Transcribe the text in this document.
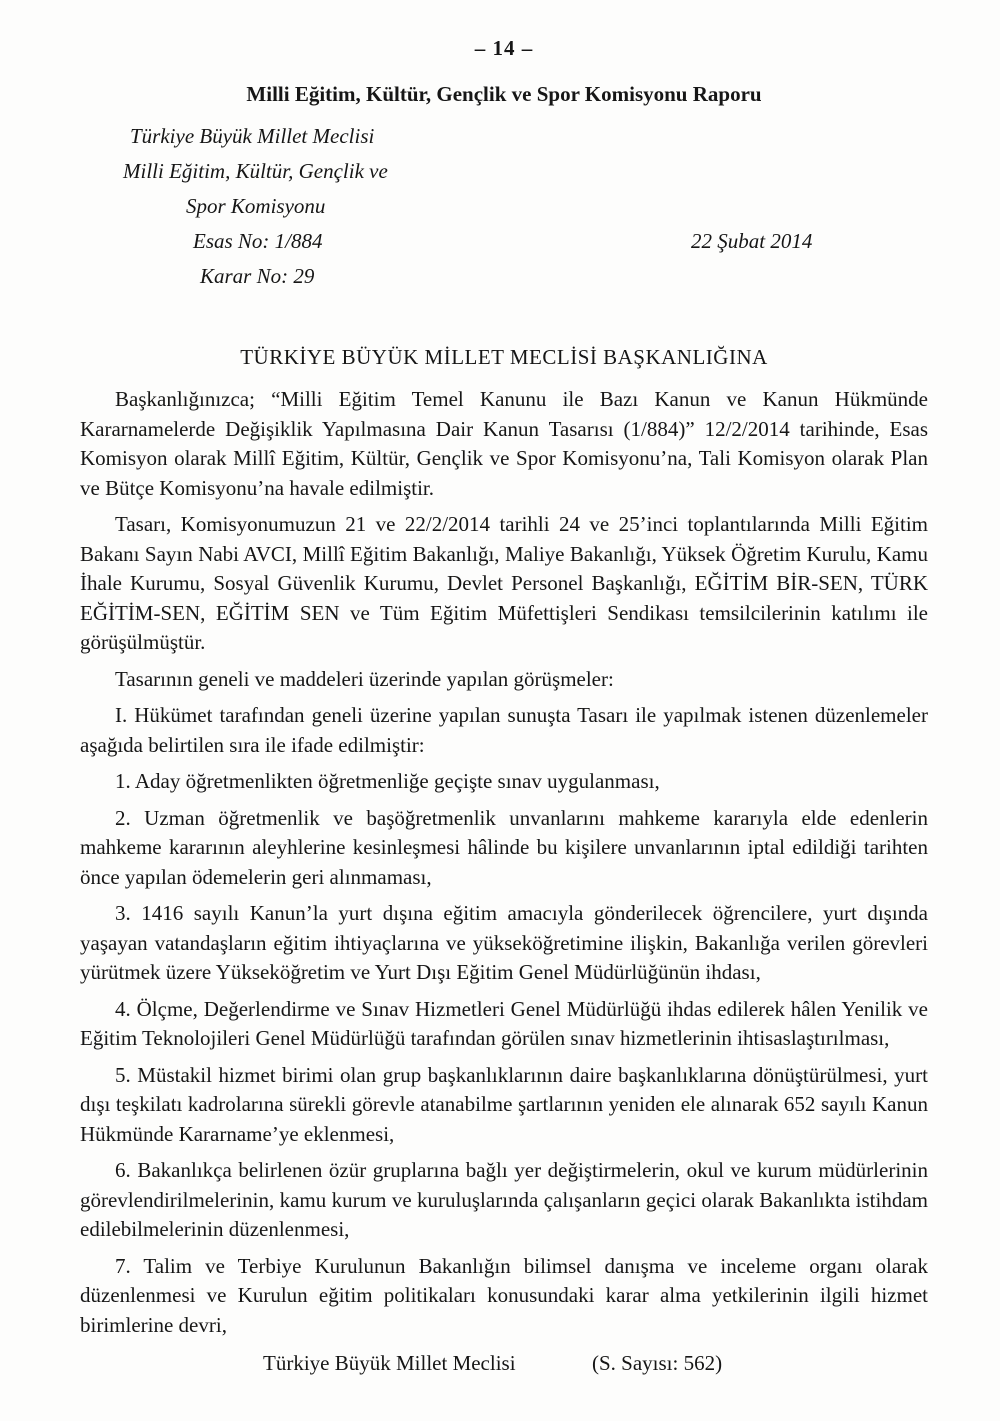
– 14 –
Milli Eğitim, Kültür, Gençlik ve Spor Komisyonu Raporu
Türkiye Büyük Millet Meclisi
Milli Eğitim, Kültür, Gençlik ve
Spor Komisyonu
Esas No: 1/884	22 Şubat 2014
Karar No: 29
TÜRKİYE BÜYÜK MİLLET MECLİSİ BAŞKANLIĞINA

Başkanlığınızca; “Milli Eğitim Temel Kanunu ile Bazı Kanun ve Kanun Hükmünde Kararnamelerde Değişiklik Yapılmasına Dair Kanun Tasarısı (1/884)” 12/2/2014 tarihinde, Esas Komisyon olarak Millî Eğitim, Kültür, Gençlik ve Spor Komisyonu’na, Tali Komisyon olarak Plan ve Bütçe Komisyonu’na havale edilmiştir.

Tasarı, Komisyonumuzun 21 ve 22/2/2014 tarihli 24 ve 25’inci toplantılarında Milli Eğitim Bakanı Sayın Nabi AVCI, Millî Eğitim Bakanlığı, Maliye Bakanlığı, Yüksek Öğretim Kurulu, Kamu İhale Kurumu, Sosyal Güvenlik Kurumu, Devlet Personel Başkanlığı, EĞİTİM BİR-SEN, TÜRK EĞİTİM-SEN, EĞİTİM SEN ve Tüm Eğitim Müfettişleri Sendikası temsilcilerinin katılımı ile görüşülmüştür.

Tasarının geneli ve maddeleri üzerinde yapılan görüşmeler:

I. Hükümet tarafından geneli üzerine yapılan sunuşta Tasarı ile yapılmak istenen düzenlemeler aşağıda belirtilen sıra ile ifade edilmiştir:

1. Aday öğretmenlikten öğretmenliğe geçişte sınav uygulanması,

2. Uzman öğretmenlik ve başöğretmenlik unvanlarını mahkeme kararıyla elde edenlerin mahkeme kararının aleyhlerine kesinleşmesi hâlinde bu kişilere unvanlarının iptal edildiği tarihten önce yapılan ödemelerin geri alınmaması,

3. 1416 sayılı Kanun’la yurt dışına eğitim amacıyla gönderilecek öğrencilere, yurt dışında yaşayan vatandaşların eğitim ihtiyaçlarına ve yükseköğretimine ilişkin, Bakanlığa verilen görevleri yürütmek üzere Yükseköğretim ve Yurt Dışı Eğitim Genel Müdürlüğünün ihdası,

4. Ölçme, Değerlendirme ve Sınav Hizmetleri Genel Müdürlüğü ihdas edilerek hâlen Yenilik ve Eğitim Teknolojileri Genel Müdürlüğü tarafından görülen sınav hizmetlerinin ihtisaslaştırılması,

5. Müstakil hizmet birimi olan grup başkanlıklarının daire başkanlıklarına dönüştürülmesi, yurt dışı teşkilatı kadrolarına sürekli görevle atanabilme şartlarının yeniden ele alınarak 652 sayılı Kanun Hükmünde Kararname’ye eklenmesi,

6. Bakanlıkça belirlenen özür gruplarına bağlı yer değiştirmelerin, okul ve kurum müdürlerinin görevlendirilmelerinin, kamu kurum ve kuruluşlarında çalışanların geçici olarak Bakanlıkta istihdam edilebilmelerinin düzenlenmesi,

7. Talim ve Terbiye Kurulunun Bakanlığın bilimsel danışma ve inceleme organı olarak düzenlenmesi ve Kurulun eğitim politikaları konusundaki karar alma yetkilerinin ilgili hizmet birimlerine devri,

Türkiye Büyük Millet Meclisi	(S. Sayısı: 562)
